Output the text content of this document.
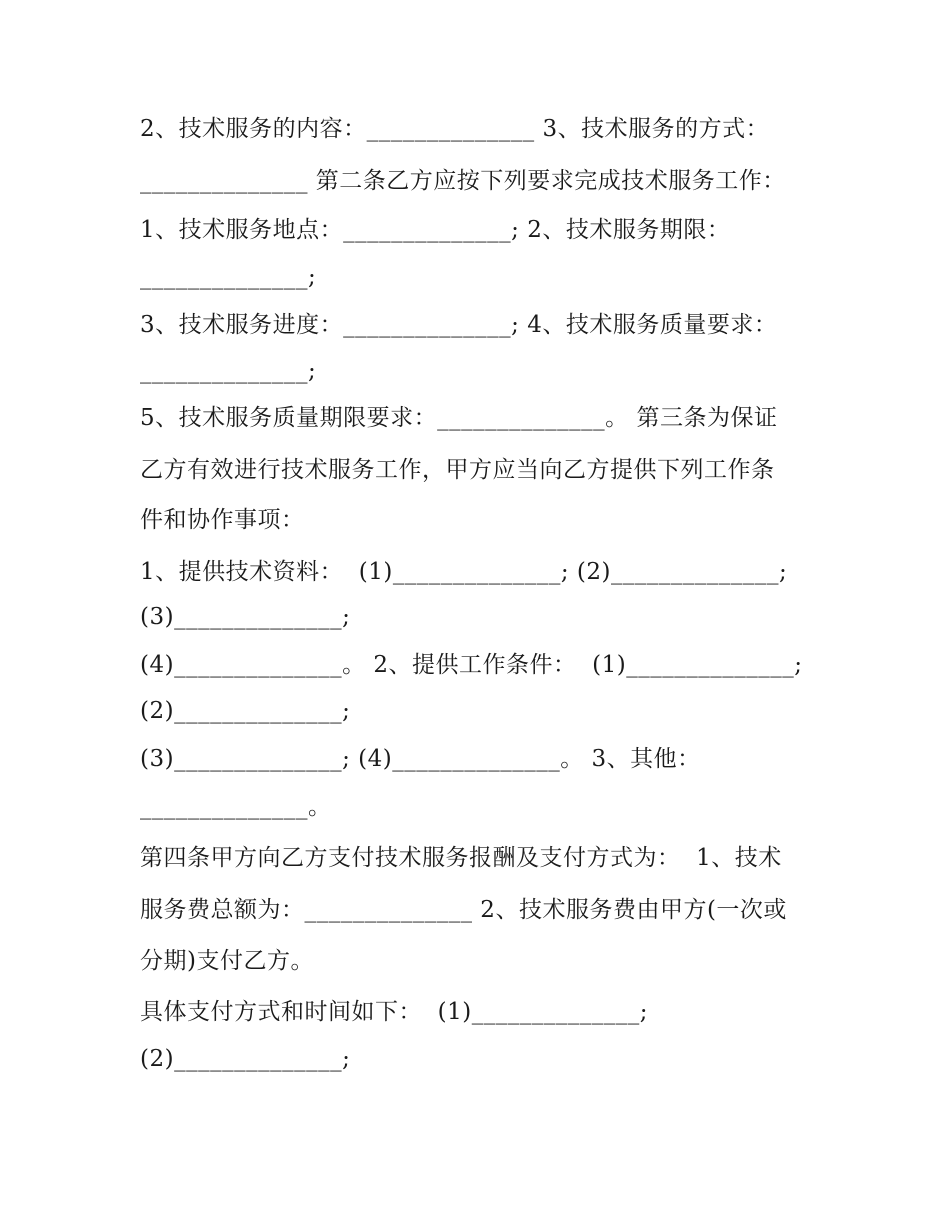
2、技术服务的内容：______________ 3、技术服务的方式：
______________ 第二条乙方应按下列要求完成技术服务工作：
1、技术服务地点：______________; 2、技术服务期限：
______________;
3、技术服务进度：______________; 4、技术服务质量要求：
______________;
5、技术服务质量期限要求：______________。 第三条为保证
乙方有效进行技术服务工作，甲方应当向乙方提供下列工作条
件和协作事项：
1、提供技术资料：  (1)______________; (2)______________;
(3)______________;
(4)______________。 2、提供工作条件：  (1)______________;
(2)______________;
(3)______________; (4)______________。 3、其他：
______________。
第四条甲方向乙方支付技术服务报酬及支付方式为：  1、技术
服务费总额为：______________ 2、技术服务费由甲方(一次或
分期)支付乙方。
具体支付方式和时间如下：  (1)______________;
(2)______________;
